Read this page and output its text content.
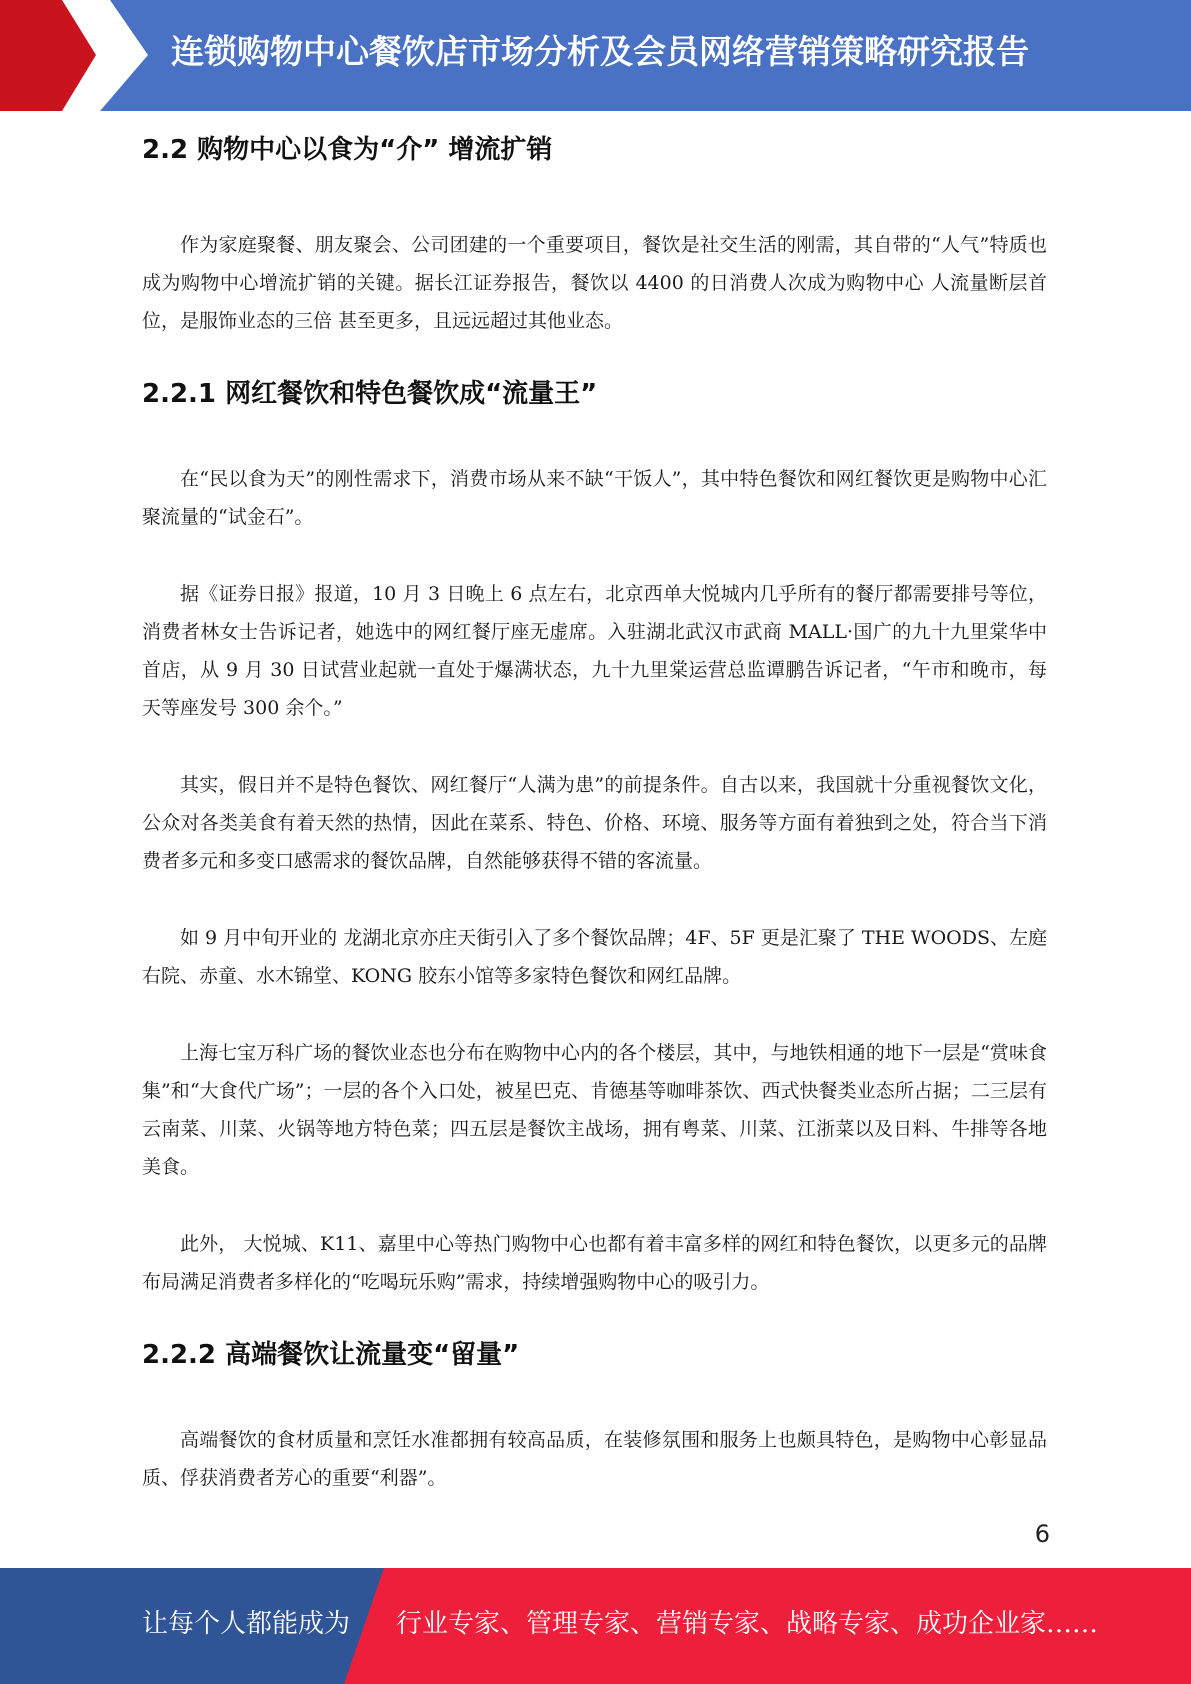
连锁购物中心餐饮店市场分析及会员网络营销策略研究报告
2.2 购物中心以食为“介” 增流扩销

作为家庭聚餐、朋友聚会、公司团建的一个重要项目，餐饮是社交生活的刚需，其自带的“人气”特质也成为购物中心增流扩销的关键。据长江证券报告，餐饮以 4400 的日消费人次成为购物中心 人流量断层首位，是服饰业态的三倍 甚至更多，且远远超过其他业态。

2.2.1 网红餐饮和特色餐饮成“流量王”

在“民以食为天”的刚性需求下，消费市场从来不缺“干饭人”，其中特色餐饮和网红餐饮更是购物中心汇聚流量的“试金石”。

据《证券日报》报道，10 月 3 日晚上 6 点左右，北京西单大悦城内几乎所有的餐厅都需要排号等位，消费者林女士告诉记者，她选中的网红餐厅座无虚席。入驻湖北武汉市武商 MALL·国广的九十九里棠华中首店，从 9 月 30 日试营业起就一直处于爆满状态，九十九里棠运营总监谭鹏告诉记者，“午市和晚市，每天等座发号 300 余个。”

其实，假日并不是特色餐饮、网红餐厅“人满为患”的前提条件。自古以来，我国就十分重视餐饮文化，公众对各类美食有着天然的热情，因此在菜系、特色、价格、环境、服务等方面有着独到之处，符合当下消费者多元和多变口感需求的餐饮品牌，自然能够获得不错的客流量。

如 9 月中旬开业的 龙湖北京亦庄天街引入了多个餐饮品牌；4F、5F 更是汇聚了 THE WOODS、左庭右院、赤童、水木锦堂、KONG 胶东小馆等多家特色餐饮和网红品牌。

上海七宝万科广场的餐饮业态也分布在购物中心内的各个楼层，其中，与地铁相通的地下一层是“赏味食集”和“大食代广场”；一层的各个入口处，被星巴克、肯德基等咖啡茶饮、西式快餐类业态所占据；二三层有云南菜、川菜、火锅等地方特色菜；四五层是餐饮主战场，拥有粤菜、川菜、江浙菜以及日料、牛排等各地美食。

此外， 大悦城、K11、嘉里中心等热门购物中心也都有着丰富多样的网红和特色餐饮，以更多元的品牌布局满足消费者多样化的“吃喝玩乐购”需求，持续增强购物中心的吸引力。

2.2.2 高端餐饮让流量变“留量”

高端餐饮的食材质量和烹饪水准都拥有较高品质，在装修氛围和服务上也颇具特色，是购物中心彰显品质、俘获消费者芳心的重要“利器”。

6
让每个人都能成为 行业专家、管理专家、营销专家、战略专家、成功企业家……
